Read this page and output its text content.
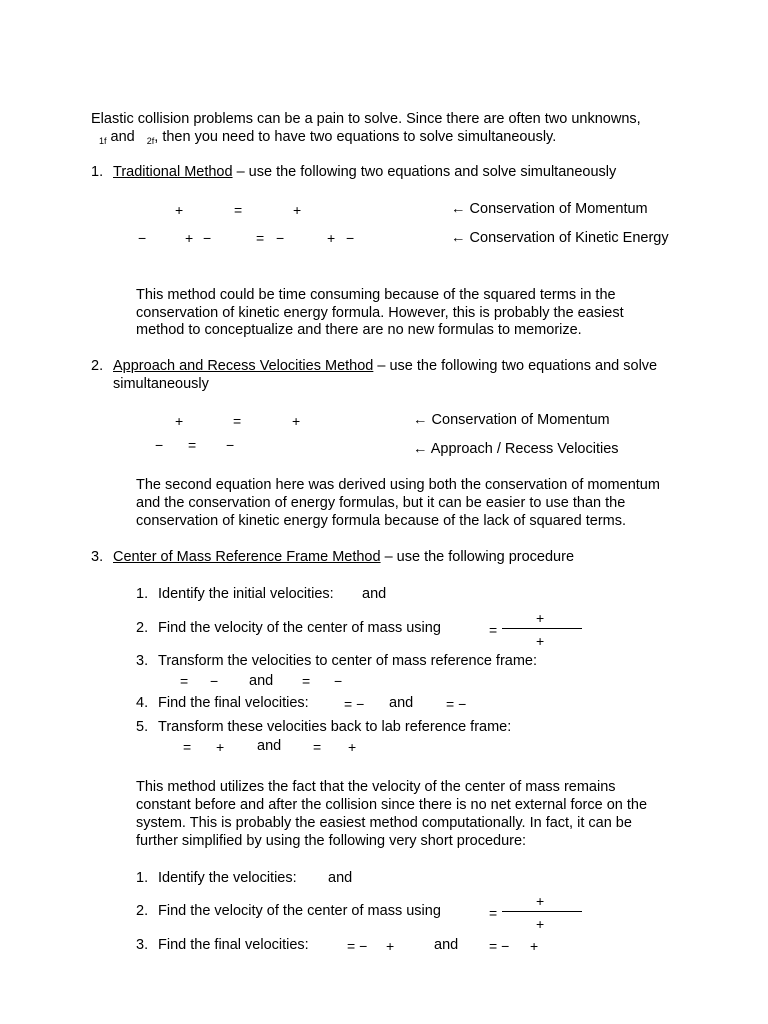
Elastic collision problems can be a pain to solve. Since there are often two unknowns,
$_{1f}$ and $_{2f}$, then you need to have two equations to solve simultaneously.
1. Traditional Method – use the following two equations and solve simultaneously
+	=	+	← Conservation of Momentum
−	+ −	= −	+ −	← Conservation of Kinetic Energy
This method could be time consuming because of the squared terms in the
conservation of kinetic energy formula. However, this is probably the easiest
method to conceptualize and there are no new formulas to memorize.
2. Approach and Recess Velocities Method – use the following two equations and solve
simultaneously
+	=	+	← Conservation of Momentum
− = −	← Approach / Recess Velocities
The second equation here was derived using both the conservation of momentum
and the conservation of energy formulas, but it can be easier to use than the
conservation of kinetic energy formula because of the lack of squared terms.
3. Center of Mass Reference Frame Method – use the following procedure
1. Identify the initial velocities: and
2. Find the velocity of the center of mass using	=
+
+
3. Transform the velocities to center of mass reference frame:
= − and = −
4. Find the final velocities:	= − and = −
5. Transform these velocities back to lab reference frame:
= + and = +
This method utilizes the fact that the velocity of the center of mass remains
constant before and after the collision since there is no net external force on the
system. This is probably the easiest method computationally. In fact, it can be
further simplified by using the following very short procedure:
1. Identify the velocities: and
2. Find the velocity of the center of mass using	=
+
+
3. Find the final velocities:	= − +	and = − +
